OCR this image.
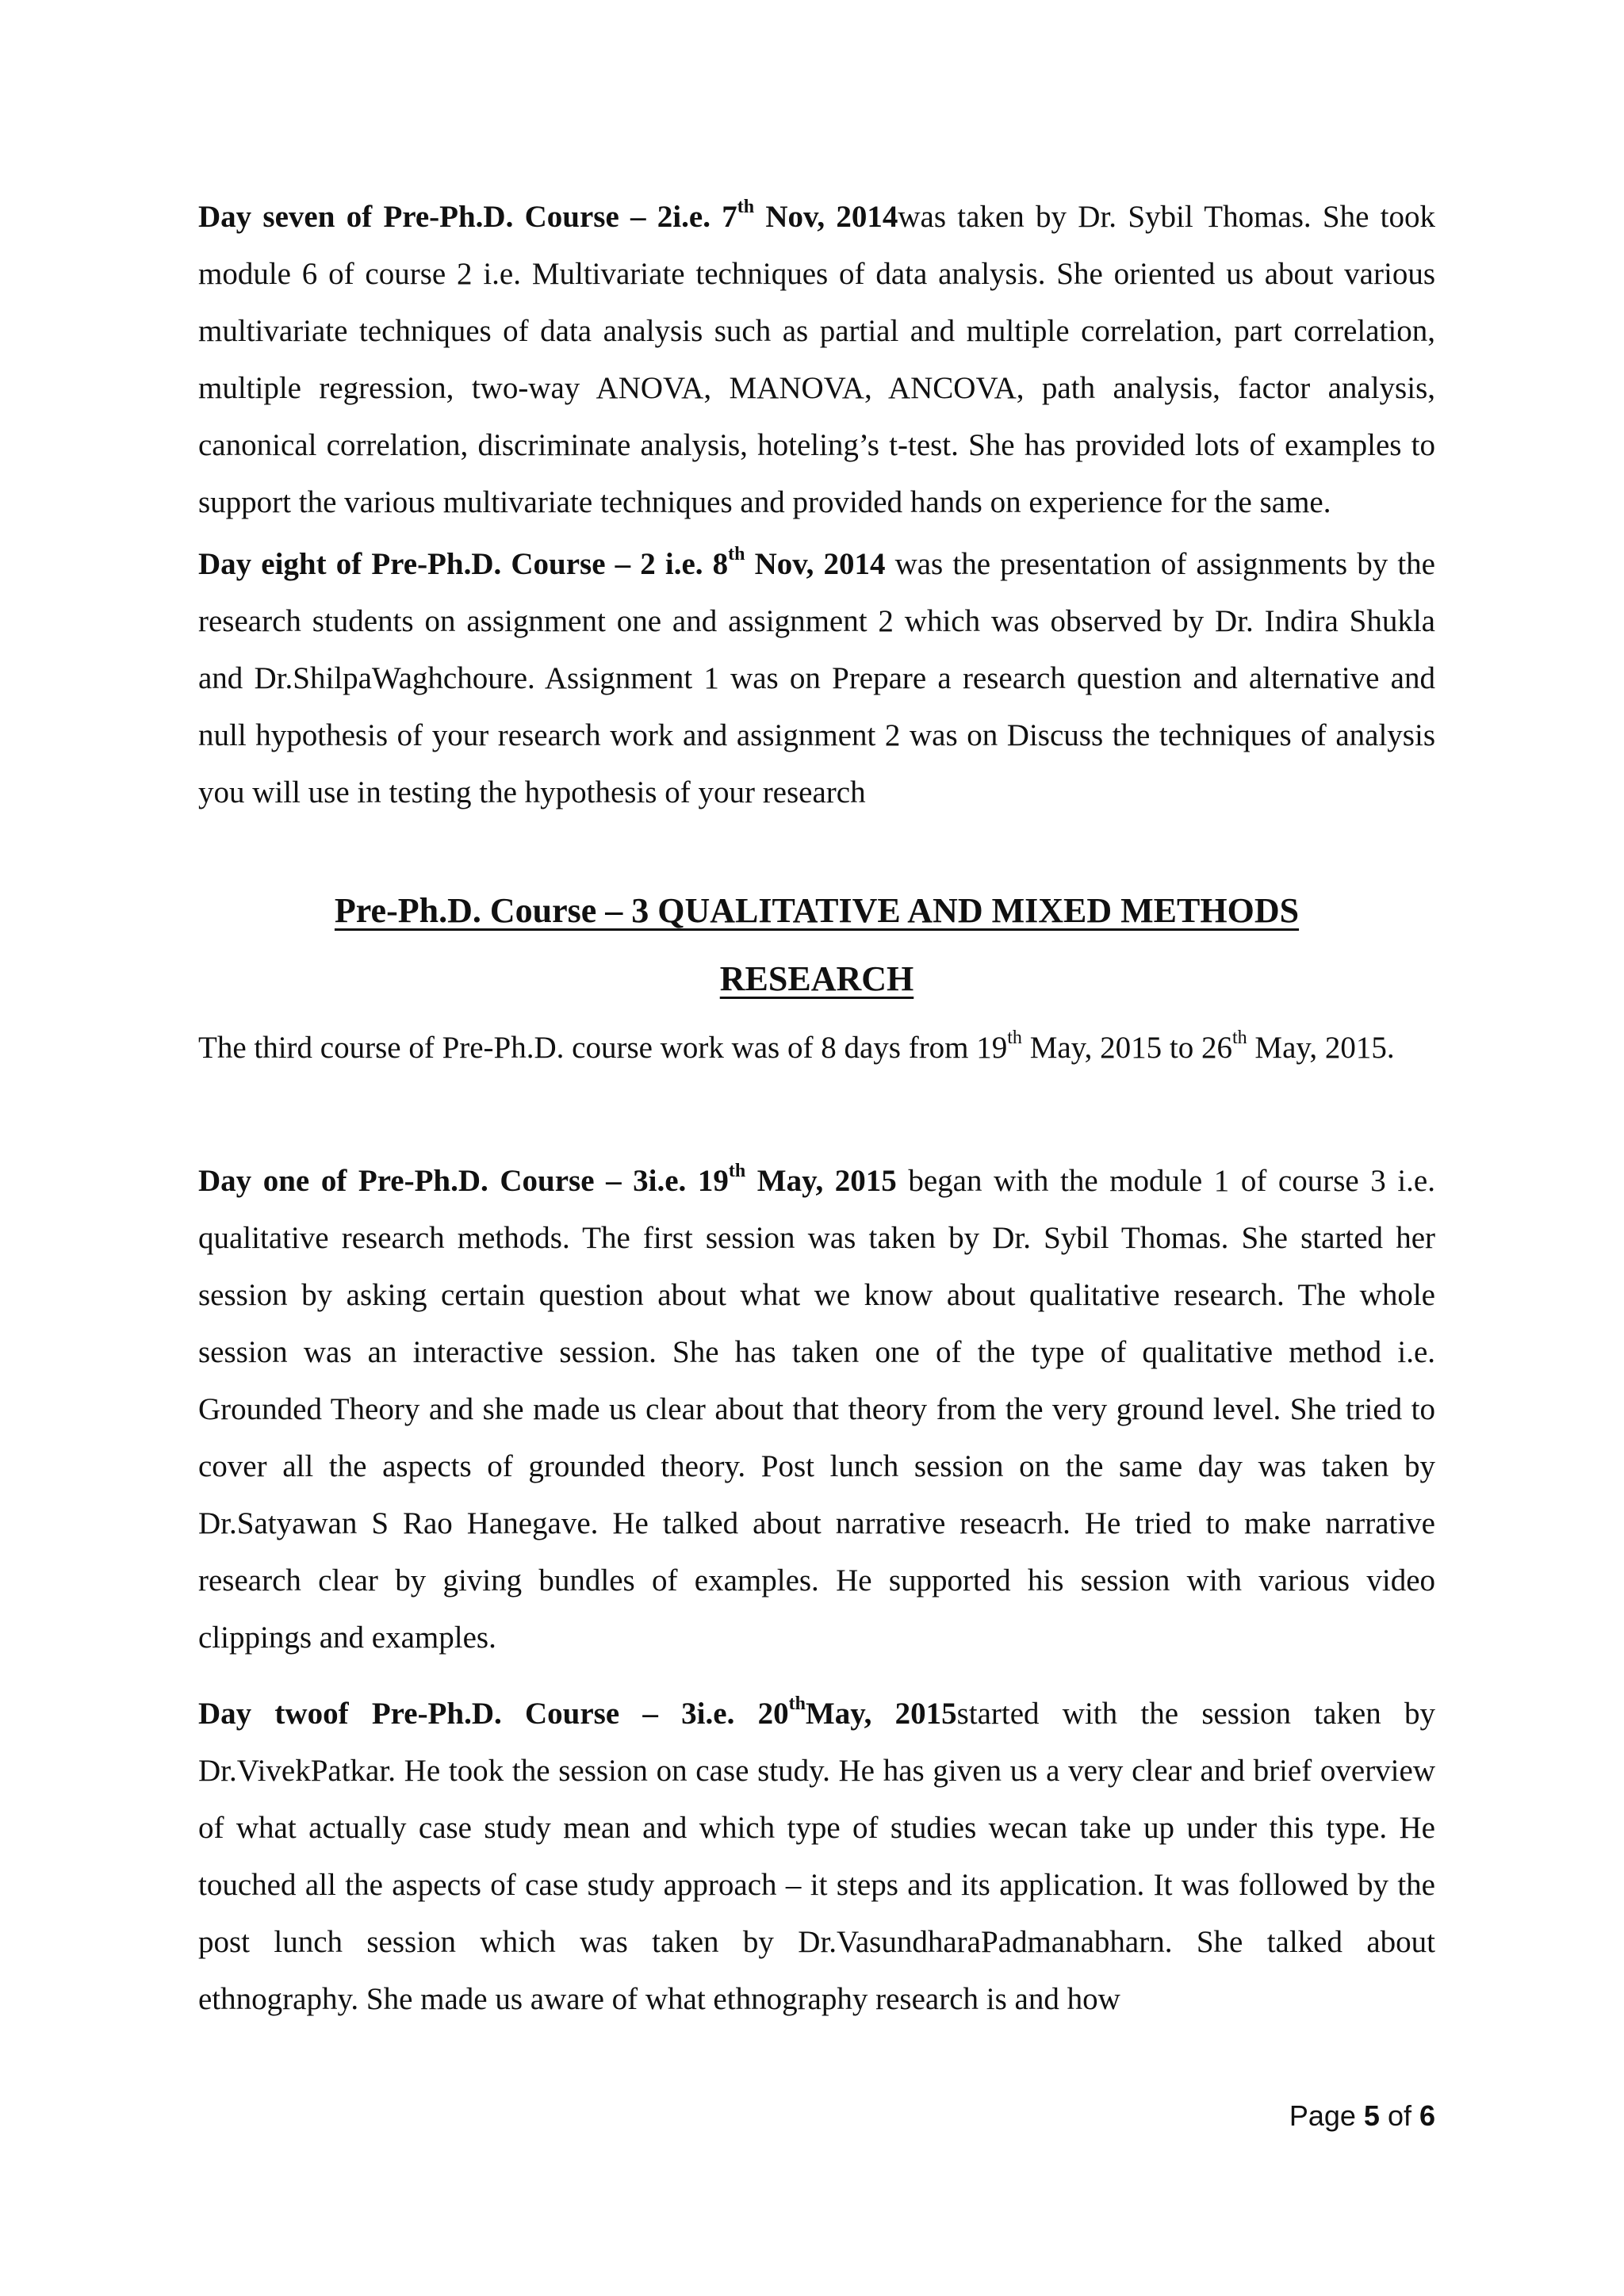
Day seven of Pre-Ph.D. Course – 2i.e. 7th Nov, 2014was taken by Dr. Sybil Thomas. She took module 6 of course 2 i.e. Multivariate techniques of data analysis. She oriented us about various multivariate techniques of data analysis such as partial and multiple correlation, part correlation, multiple regression, two-way ANOVA, MANOVA, ANCOVA, path analysis, factor analysis, canonical correlation, discriminate analysis, hoteling’s t-test. She has provided lots of examples to support the various multivariate techniques and provided hands on experience for the same.

Day eight of Pre-Ph.D. Course – 2 i.e. 8th Nov, 2014 was the presentation of assignments by the research students on assignment one and assignment 2 which was observed by Dr. Indira Shukla and Dr.ShilpaWaghchoure. Assignment 1 was on Prepare a research question and alternative and null hypothesis of your research work and assignment 2 was on Discuss the techniques of analysis you will use in testing the hypothesis of your research

Pre-Ph.D. Course – 3 QUALITATIVE AND MIXED METHODS RESEARCH

The third course of Pre-Ph.D. course work was of 8 days from 19th May, 2015 to 26th May, 2015.

Day one of Pre-Ph.D. Course – 3i.e. 19th May, 2015 began with the module 1 of course 3 i.e. qualitative research methods. The first session was taken by Dr. Sybil Thomas. She started her session by asking certain question about what we know about qualitative research. The whole session was an interactive session. She has taken one of the type of qualitative method i.e. Grounded Theory and she made us clear about that theory from the very ground level. She tried to cover all the aspects of grounded theory. Post lunch session on the same day was taken by Dr.Satyawan S Rao Hanegave. He talked about narrative reseacrh. He tried to make narrative research clear by giving bundles of examples. He supported his session with various video clippings and examples.

Day twoof Pre-Ph.D. Course – 3i.e. 20thMay, 2015started with the session taken by Dr.VivekPatkar. He took the session on case study. He has given us a very clear and brief overview of what actually case study mean and which type of studies wecan take up under this type. He touched all the aspects of case study approach – it steps and its application. It was followed by the post lunch session which was taken by Dr.VasundharaPadmanabharn. She talked about ethnography. She made us aware of what ethnography research is and how

Page 5 of 6
